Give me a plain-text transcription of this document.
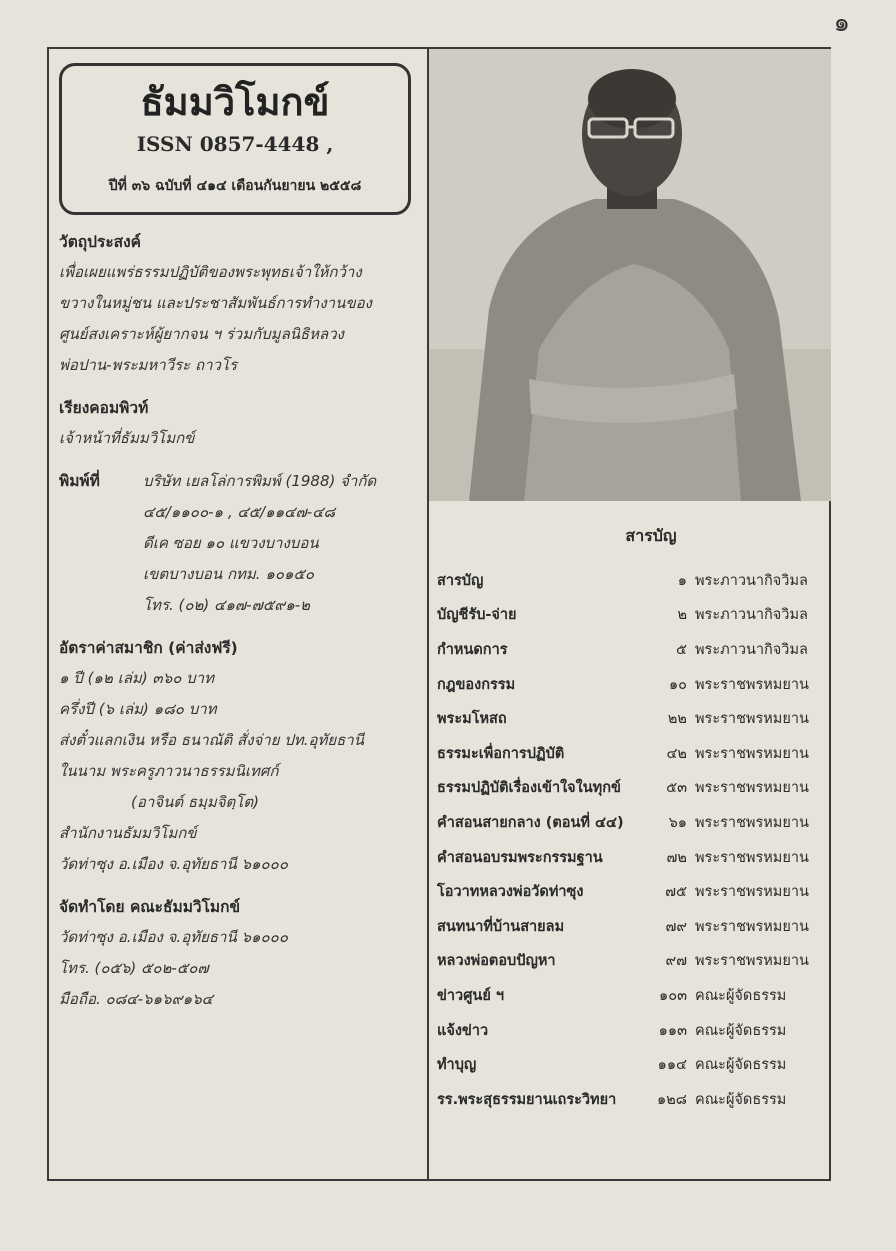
๑
ธัมมวิโมกข์
ISSN 0857-4448 ,
ปีที่ ๓๖ ฉบับที่ ๔๑๔ เดือนกันยายน ๒๕๕๘
วัตถุประสงค์
เพื่อเผยแพร่ธรรมปฏิบัติของพระพุทธเจ้าให้กว้าง
ขวางในหมู่ชน และประชาสัมพันธ์การทำงานของ
ศูนย์สงเคราะห์ผู้ยากจน ฯ ร่วมกับมูลนิธิหลวง
พ่อปาน-พระมหาวีระ ถาวโร
เรียงคอมพิวท์
เจ้าหน้าที่ธัมมวิโมกข์
พิมพ์ที่	บริษัท เยลโล่การพิมพ์ (1988) จำกัด
๔๕/๑๑๐๐-๑ , ๔๕/๑๑๔๗-๔๘
ดีเค ซอย ๑๐ แขวงบางบอน
เขตบางบอน กทม. ๑๐๑๕๐
โทร. (๐๒) ๔๑๗-๗๕๙๑-๒
อัตราค่าสมาชิก (ค่าส่งฟรี)
๑ ปี (๑๒ เล่ม) ๓๖๐ บาท
ครึ่งปี (๖ เล่ม) ๑๘๐ บาท
ส่งตั๋วแลกเงิน หรือ ธนาณัติ สั่งจ่าย ปท.อุทัยธานี
ในนาม พระครูภาวนาธรรมนิเทศก์
(อาจินต์ ธมฺมจิตฺโต)
สำนักงานธัมมวิโมกข์
วัดท่าซุง อ.เมือง จ.อุทัยธานี ๖๑๐๐๐
จัดทำโดย คณะธัมมวิโมกข์
วัดท่าซุง อ.เมือง จ.อุทัยธานี ๖๑๐๐๐
โทร. (๐๕๖) ๕๐๒-๕๐๗
มือถือ. ๐๘๔-๖๑๖๙๑๖๔
สารบัญ
สารบัญ	๑ พระภาวนากิจวิมล
บัญชีรับ-จ่าย	๒ พระภาวนากิจวิมล
กำหนดการ	๕ พระภาวนากิจวิมล
กฎของกรรม	๑๐ พระราชพรหมยาน
พระมโหสถ	๒๒ พระราชพรหมยาน
ธรรมะเพื่อการปฏิบัติ	๔๒ พระราชพรหมยาน
ธรรมปฏิบัติเรื่องเข้าใจในทุกข์	๕๓ พระราชพรหมยาน
คำสอนสายกลาง (ตอนที่ ๔๔)	๖๑ พระราชพรหมยาน
คำสอนอบรมพระกรรมฐาน	๗๒ พระราชพรหมยาน
โอวาทหลวงพ่อวัดท่าซุง	๗๕ พระราชพรหมยาน
สนทนาที่บ้านสายลม	๗๙ พระราชพรหมยาน
หลวงพ่อตอบปัญหา	๙๗ พระราชพรหมยาน
ข่าวศูนย์ ฯ	๑๐๓ คณะผู้จัดธรรม
แจ้งข่าว	๑๑๓ คณะผู้จัดธรรม
ทำบุญ	๑๑๔ คณะผู้จัดธรรม
รร.พระสุธรรมยานเถระวิทยา	๑๒๘ คณะผู้จัดธรรม
